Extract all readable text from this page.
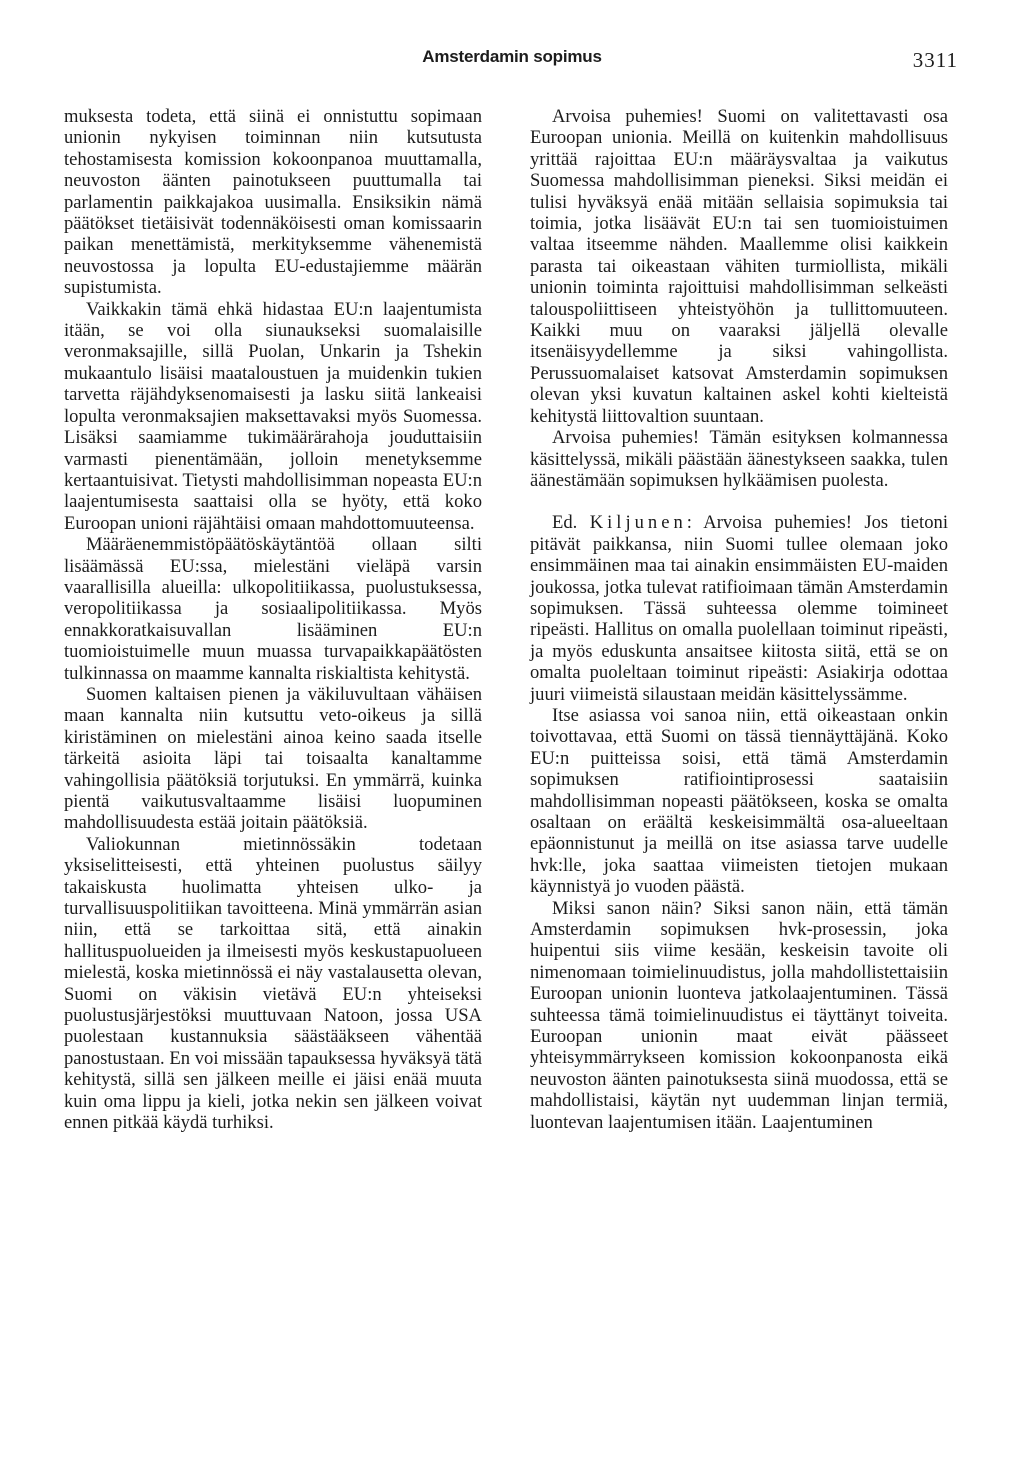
Amsterdamin sopimus	3311

muksesta todeta, että siinä ei onnistuttu sopimaan unionin nykyisen toiminnan niin kutsutusta tehostamisesta komission kokoonpanoa muuttamalla, neuvoston äänten painotukseen puuttumalla tai parlamentin paikkajakoa uusimalla. Ensiksikin nämä päätökset tietäisivät todennäköisesti oman komissaarin paikan menettämistä, merkityksemme vähenemistä neuvostossa ja lopulta EU-edustajiemme määrän supistumista.

Vaikkakin tämä ehkä hidastaa EU:n laajentumista itään, se voi olla siunaukseksi suomalaisille veronmaksajille, sillä Puolan, Unkarin ja Tshekin mukaantulo lisäisi maataloustuen ja muidenkin tukien tarvetta räjähdyksenomaisesti ja lasku siitä lankeaisi lopulta veronmaksajien maksettavaksi myös Suomessa. Lisäksi saamiamme tukimäärärahoja jouduttaisiin varmasti pienentämään, jolloin menetyksemme kertaantuisivat. Tietysti mahdollisimman nopeasta EU:n laajentumisesta saattaisi olla se hyöty, että koko Euroopan unioni räjähtäisi omaan mahdottomuuteensa.

Määräenemmistöpäätöskäytäntöä ollaan silti lisäämässä EU:ssa, mielestäni vieläpä varsin vaarallisilla alueilla: ulkopolitiikassa, puolustuksessa, veropolitiikassa ja sosiaalipolitiikassa. Myös ennakkoratkaisuvallan lisääminen EU:n tuomioistuimelle muun muassa turvapaikkapäätösten tulkinnassa on maamme kannalta riskialtista kehitystä.

Suomen kaltaisen pienen ja väkiluvultaan vähäisen maan kannalta niin kutsuttu veto-oikeus ja sillä kiristäminen on mielestäni ainoa keino saada itselle tärkeitä asioita läpi tai toisaalta kanaltamme vahingollisia päätöksiä torjutuksi. En ymmärrä, kuinka pientä vaikutusvaltaamme lisäisi luopuminen mahdollisuudesta estää joitain päätöksiä.

Valiokunnan mietinnössäkin todetaan yksiselitteisesti, että yhteinen puolustus säilyy takaiskusta huolimatta yhteisen ulko- ja turvallisuuspolitiikan tavoitteena. Minä ymmärrän asian niin, että se tarkoittaa sitä, että ainakin hallituspuolueiden ja ilmeisesti myös keskustapuolueen mielestä, koska mietinnössä ei näy vastalausetta olevan, Suomi on väkisin vietävä EU:n yhteiseksi puolustusjärjestöksi muuttuvaan Natoon, jossa USA puolestaan kustannuksia säästääkseen vähentää panostustaan. En voi missään tapauksessa hyväksyä tätä kehitystä, sillä sen jälkeen meille ei jäisi enää muuta kuin oma lippu ja kieli, jotka nekin sen jälkeen voivat ennen pitkää käydä turhiksi.

Arvoisa puhemies! Suomi on valitettavasti osa Euroopan unioniа. Meillä on kuitenkin mahdollisuus yrittää rajoittaa EU:n määräysvaltaa ja vaikutus Suomessa mahdollisimman pieneksi. Siksi meidän ei tulisi hyväksyä enää mitään sellaisia sopimuksia tai toimia, jotka lisäävät EU:n tai sen tuomioistuimen valtaa itseemme nähden. Maallemme olisi kaikkein parasta tai oikeastaan vähiten turmiollista, mikäli unionin toiminta rajoittuisi mahdollisimman selkeästi talouspoliittiseen yhteistyöhön ja tullittomuuteen. Kaikki muu on vaaraksi jäljellä olevalle itsenäisyydellemme ja siksi vahingollista. Perussuomalaiset katsovat Amsterdamin sopimuksen olevan yksi kuvatun kaltainen askel kohti kielteistä kehitystä liittovaltion suuntaan.

Arvoisa puhemies! Tämän esityksen kolmannessa käsittelyssä, mikäli päästään äänestykseen saakka, tulen äänestämään sopimuksen hylkäämisen puolesta.

Ed. Kiljunen: Arvoisa puhemies! Jos tietoni pitävät paikkansa, niin Suomi tullee olemaan joko ensimmäinen maa tai ainakin ensimmäisten EU-maiden joukossa, jotka tulevat ratifioimaan tämän Amsterdamin sopimuksen. Tässä suhteessa olemme toimineet ripeästi. Hallitus on omalla puolellaan toiminut ripeästi, ja myös eduskunta ansaitsee kiitosta siitä, että se on omalta puoleltaan toiminut ripeästi: Asiakirja odottaa juuri viimeistä silaustaan meidän käsittelyssämme.

Itse asiassa voi sanoa niin, että oikeastaan onkin toivottavaa, että Suomi on tässä tiennäyttäjänä. Koko EU:n puitteissa soisi, että tämä Amsterdamin sopimuksen ratifiointiprosessi saataisiin mahdollisimman nopeasti päätökseen, koska se omalta osaltaan on eräältä keskeisimmältä osa-alueeltaan epäonnistunut ja meillä on itse asiassa tarve uudelle hvk:lle, joka saattaa viimeisten tietojen mukaan käynnistyä jo vuoden päästä.

Miksi sanon näin? Siksi sanon näin, että tämän Amsterdamin sopimuksen hvk-prosessin, joka huipentui siis viime kesään, keskeisin tavoite oli nimenomaan toimielinuudistus, jolla mahdollistettaisiin Euroopan unionin luonteva jatkolaajentuminen. Tässä suhteessa tämä toimielinuudistus ei täyttänyt toiveita. Euroopan unionin maat eivät päässeet yhteisymmärrykseen komission kokoonpanosta eikä neuvoston äänten painotuksesta siinä muodossa, että se mahdollistaisi, käytän nyt uudemman linjan termiä, luontevan laajentumisen itään. Laajentuminen
